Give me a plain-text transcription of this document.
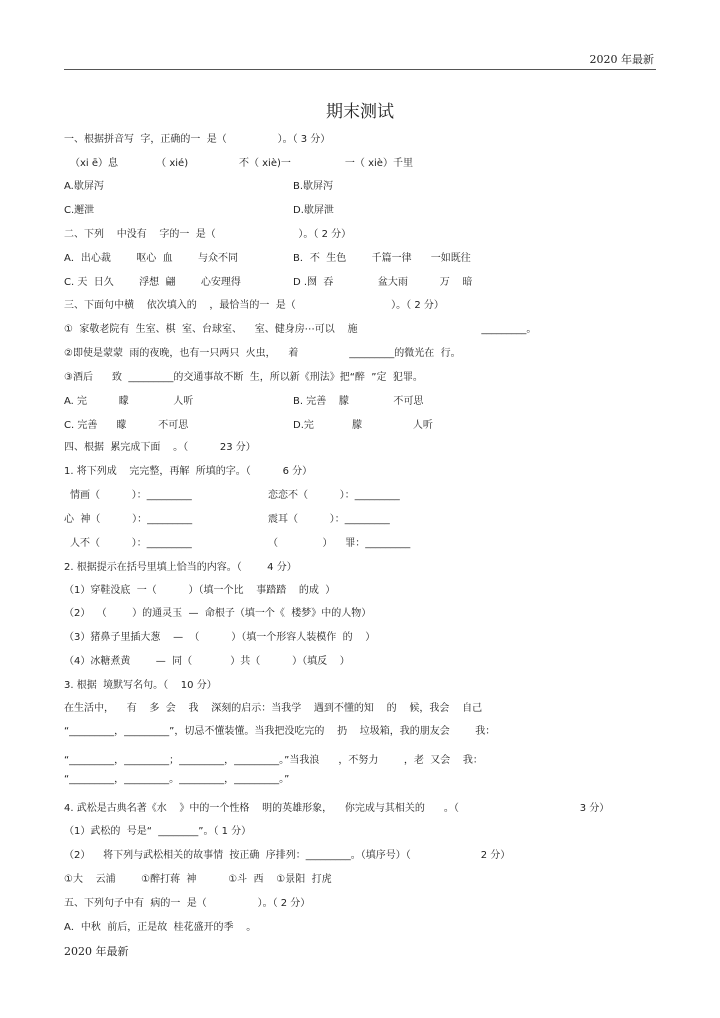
2020 年最新
期末测试
一、根据拼音写  字，正确的一  是（                ）。（ 3 分）
（xi ē）息            （ xié)                不（ xiè)一                 一（ xiè）千里
A.歇屏泻	B.歇屏泻
C.邂泄	D.歇屏泄
二、下列    中没有    字的一  是（                          ）。（ 2 分）
A．出心裁        呕心  血        与众不同	B．不  生色        千篇一律      一如既往
C. 天  日久        浮想  翩        心安理得	D .囫  吞              盆大雨          万    暗
三、下面句中横    依次填入的    ，最恰当的一  是（                              ）。（ 2 分）
①  家敬老院有  生室、棋  室、台球室、    室、健身房⋯可以    施                                       _________。
②即使是蒙蒙  雨的夜晚，也有一只两只  火虫，    着                _________的微光在  行。
③酒后      致  _________的交通事故不断  生，所以新《刑法》把“醉  ”定  犯罪。
A. 完          矇              人听	B. 完善    朦              不可思
C. 完善      矇          不可思	D.完            朦                人听
四、根据  累完成下面    。（          23 分）
1. 将下列成    完完整，再解  所填的字。（          6 分）
情画（          ）：_________	恋恋不（          ）：_________
心  神（          ）：_________	震耳（          ）：_________
人不（          ）：_________	（              ）    罪：_________
2. 根据提示在括号里填上恰当的内容。（        4 分）
（1）穿鞋没底  一（          ）（填一个比    事踏踏    的成  ）
（2）  （        ）的通灵玉  —  命根子（填一个《  楼梦》中的人物）
（3）猪鼻子里插大葱    —  （          ）（填一个形容人装模作  的    ）
（4）冰糖煮黄        —  同（            ）共（          ）（填反    ）
3. 根据  境默写名句。（    10 分）
在生活中，    有    多  会    我    深刻的启示：当我学    遇到不懂的知    的    候，我会    自己
“_________，_________”，切忌不懂装懂。当我把没吃完的    扔    垃圾箱，我的朋友会        我：
“_________，_________；_________，_________。”当我浪      ，不努力        ，老  又会    我：
“_________，_________。_________，_________。”
4. 武松是古典名著《水    》中的一个性格    明的英雄形象，    你完成与其相关的      。（                                      3 分）
（1）武松的  号是“  ________”。（ 1 分）
（2）    将下列与武松相关的故事情  按正确  序排列：_________。（填序号）（                      2 分）
①大    云浦        ①醉打蒋  神          ①斗  西    ①景阳  打虎
五、下列句子中有  病的一  是（                ）。（ 2 分）
A．中秋  前后，正是故  桂花盛开的季    。
2020 年最新
